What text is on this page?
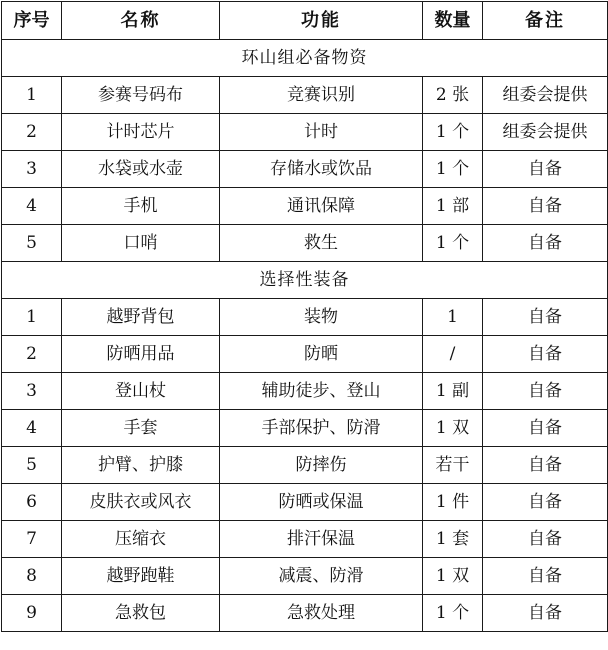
序号	名称	功能	数量	备注
环山组必备物资				
1	参赛号码布	竞赛识别	2 张	组委会提供
2	计时芯片	计时	1 个	组委会提供
3	水袋或水壶	存储水或饮品	1 个	自备
4	手机	通讯保障	1 部	自备
5	口哨	救生	1 个	自备
选择性装备				
1	越野背包	装物	1	自备
2	防晒用品	防晒	/	自备
3	登山杖	辅助徒步、登山	1 副	自备
4	手套	手部保护、防滑	1 双	自备
5	护臂、护膝	防摔伤	若干	自备
6	皮肤衣或风衣	防晒或保温	1 件	自备
7	压缩衣	排汗保温	1 套	自备
8	越野跑鞋	减震、防滑	1 双	自备
9	急救包	急救处理	1 个	自备
